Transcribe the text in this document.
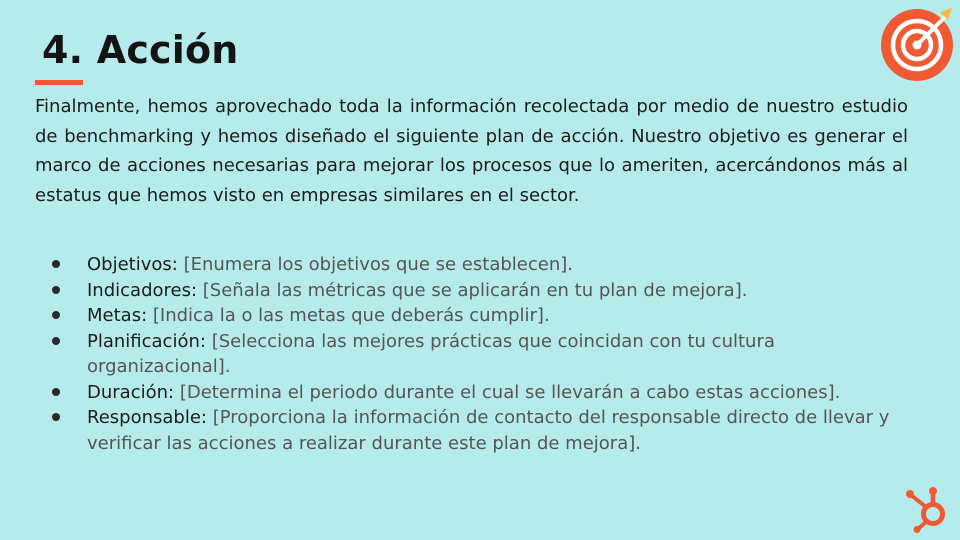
4. Acción

Finalmente, hemos aprovechado toda la información recolectada por medio de nuestro estudio de benchmarking y hemos diseñado el siguiente plan de acción. Nuestro objetivo es generar el marco de acciones necesarias para mejorar los procesos que lo ameriten, acercándonos más al estatus que hemos visto en empresas similares en el sector.

Objetivos: [Enumera los objetivos que se establecen].
Indicadores: [Señala las métricas que se aplicarán en tu plan de mejora].
Metas: [Indica la o las metas que deberás cumplir].
Planificación: [Selecciona las mejores prácticas que coincidan con tu cultura organizacional].
Duración: [Determina el periodo durante el cual se llevarán a cabo estas acciones].
Responsable: [Proporciona la información de contacto del responsable directo de llevar y verificar las acciones a realizar durante este plan de mejora].
